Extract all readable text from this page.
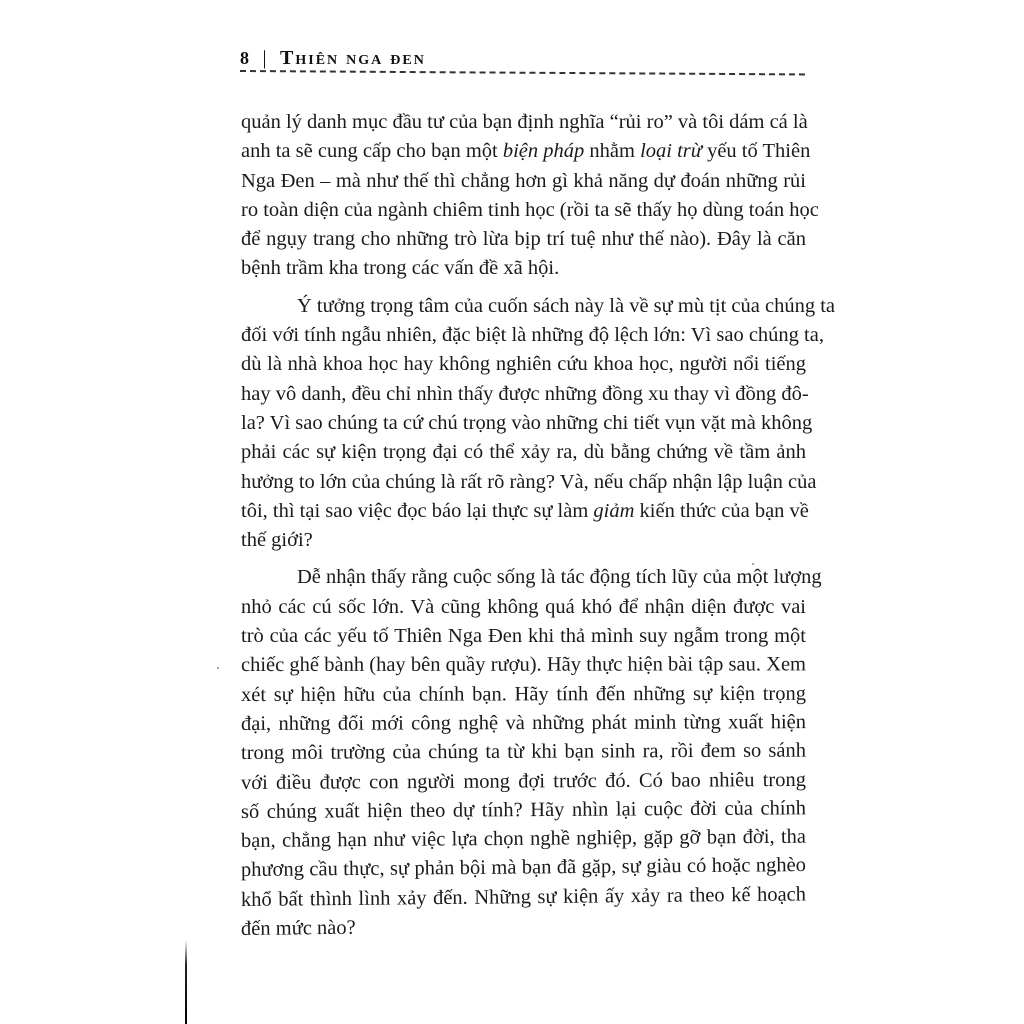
8 | Thiên nga đen
quản lý danh mục đầu tư của bạn định nghĩa “rủi ro” và tôi dám cá là
anh ta sẽ cung cấp cho bạn một biện pháp nhằm loại trừ yếu tố Thiên
Nga Đen – mà như thế thì chẳng hơn gì khả năng dự đoán những rủi
ro toàn diện của ngành chiêm tinh học (rồi ta sẽ thấy họ dùng toán học
để ngụy trang cho những trò lừa bịp trí tuệ như thế nào). Đây là căn
bệnh trầm kha trong các vấn đề xã hội.
Ý tưởng trọng tâm của cuốn sách này là về sự mù tịt của chúng ta
đối với tính ngẫu nhiên, đặc biệt là những độ lệch lớn: Vì sao chúng ta,
dù là nhà khoa học hay không nghiên cứu khoa học, người nổi tiếng
hay vô danh, đều chỉ nhìn thấy được những đồng xu thay vì đồng đô-
la? Vì sao chúng ta cứ chú trọng vào những chi tiết vụn vặt mà không
phải các sự kiện trọng đại có thể xảy ra, dù bằng chứng về tầm ảnh
hưởng to lớn của chúng là rất rõ ràng? Và, nếu chấp nhận lập luận của
tôi, thì tại sao việc đọc báo lại thực sự làm giảm kiến thức của bạn về
thế giới?
Dễ nhận thấy rằng cuộc sống là tác động tích lũy của một lượng
nhỏ các cú sốc lớn. Và cũng không quá khó để nhận diện được vai
trò của các yếu tố Thiên Nga Đen khi thả mình suy ngẫm trong một
chiếc ghế bành (hay bên quầy rượu). Hãy thực hiện bài tập sau. Xem
xét sự hiện hữu của chính bạn. Hãy tính đến những sự kiện trọng
đại, những đổi mới công nghệ và những phát minh từng xuất hiện
trong môi trường của chúng ta từ khi bạn sinh ra, rồi đem so sánh
với điều được con người mong đợi trước đó. Có bao nhiêu trong
số chúng xuất hiện theo dự tính? Hãy nhìn lại cuộc đời của chính
bạn, chẳng hạn như việc lựa chọn nghề nghiệp, gặp gỡ bạn đời, tha
phương cầu thực, sự phản bội mà bạn đã gặp, sự giàu có hoặc nghèo
khổ bất thình lình xảy đến. Những sự kiện ấy xảy ra theo kế hoạch
đến mức nào?
